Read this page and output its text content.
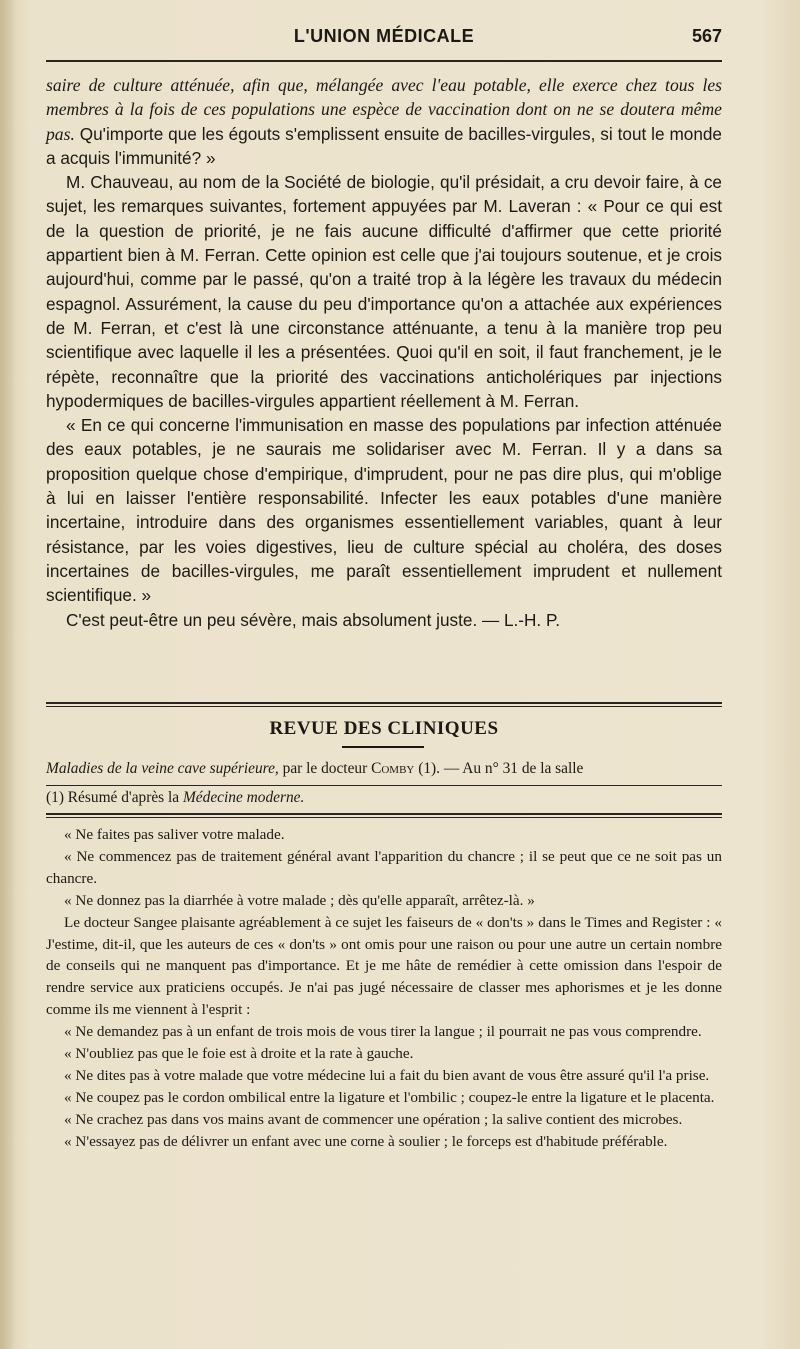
L'UNION MÉDICALE	567

saire de culture atténuée, afin que, mélangée avec l'eau potable, elle exerce chez tous les membres à la fois de ces populations une espèce de vaccination dont on ne se doutera même pas. Qu'importe que les égouts s'emplissent ensuite de bacilles-virgules, si tout le monde a acquis l'immunité? »

M. Chauveau, au nom de la Société de biologie, qu'il présidait, a cru devoir faire, à ce sujet, les remarques suivantes, fortement appuyées par M. Laveran : « Pour ce qui est de la question de priorité, je ne fais aucune difficulté d'affirmer que cette priorité appartient bien à M. Ferran. Cette opinion est celle que j'ai toujours soutenue, et je crois aujourd'hui, comme par le passé, qu'on a traité trop à la légère les travaux du médecin espagnol. Assurément, la cause du peu d'importance qu'on a attachée aux expériences de M. Ferran, et c'est là une circonstance atténuante, a tenu à la manière trop peu scientifique avec laquelle il les a présentées. Quoi qu'il en soit, il faut franchement, je le répète, reconnaître que la priorité des vaccinations anticholériques par injections hypodermiques de bacilles-virgules appartient réellement à M. Ferran.

« En ce qui concerne l'immunisation en masse des populations par infection atténuée des eaux potables, je ne saurais me solidariser avec M. Ferran. Il y a dans sa proposition quelque chose d'empirique, d'imprudent, pour ne pas dire plus, qui m'oblige à lui en laisser l'entière responsabilité. Infecter les eaux potables d'une manière incertaine, introduire dans des organismes essentiellement variables, quant à leur résistance, par les voies digestives, lieu de culture spécial au choléra, des doses incertaines de bacilles-virgules, me paraît essentiellement imprudent et nullement scientifique. »

C'est peut-être un peu sévère, mais absolument juste. — L.-H. P.

REVUE DES CLINIQUES
Maladies de la veine cave supérieure, par le docteur Comby (1). — Au n° 31 de la salle
(1) Résumé d'après la Médecine moderne.

« Ne faites pas saliver votre malade.

« Ne commencez pas de traitement général avant l'apparition du chancre ; il se peut que ce ne soit pas un chancre.

« Ne donnez pas la diarrhée à votre malade ; dès qu'elle apparaît, arrêtez-là. »

Le docteur Sangee plaisante agréablement à ce sujet les faiseurs de « don'ts » dans le Times and Register : « J'estime, dit-il, que les auteurs de ces « don'ts » ont omis pour une raison ou pour une autre un certain nombre de conseils qui ne manquent pas d'importance. Et je me hâte de remédier à cette omission dans l'espoir de rendre service aux praticiens occupés. Je n'ai pas jugé nécessaire de classer mes aphorismes et je les donne comme ils me viennent à l'esprit :

« Ne demandez pas à un enfant de trois mois de vous tirer la langue ; il pourrait ne pas vous comprendre.

« N'oubliez pas que le foie est à droite et la rate à gauche.

« Ne dites pas à votre malade que votre médecine lui a fait du bien avant de vous être assuré qu'il l'a prise.

« Ne coupez pas le cordon ombilical entre la ligature et l'ombilic ; coupez-le entre la ligature et le placenta.

« Ne crachez pas dans vos mains avant de commencer une opération ; la salive contient des microbes.

« N'essayez pas de délivrer un enfant avec une corne à soulier ; le forceps est d'habitude préférable.
